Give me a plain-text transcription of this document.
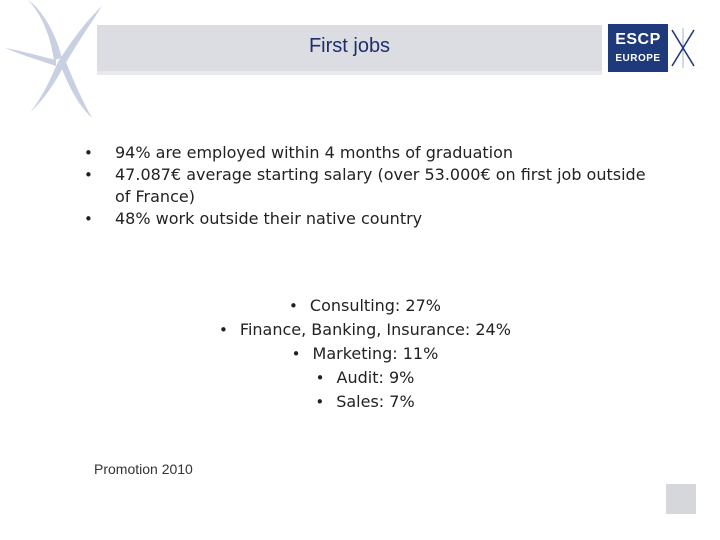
First jobs	ESCP
EUROPE
•	94% are employed within 4 months of graduation
•	47.087€ average starting salary (over 53.000€ on first job outside of France)
•	48% work outside their native country
• Consulting: 27%
• Finance, Banking, Insurance: 24%
• Marketing: 11%
• Audit: 9%
• Sales: 7%
Promotion 2010
